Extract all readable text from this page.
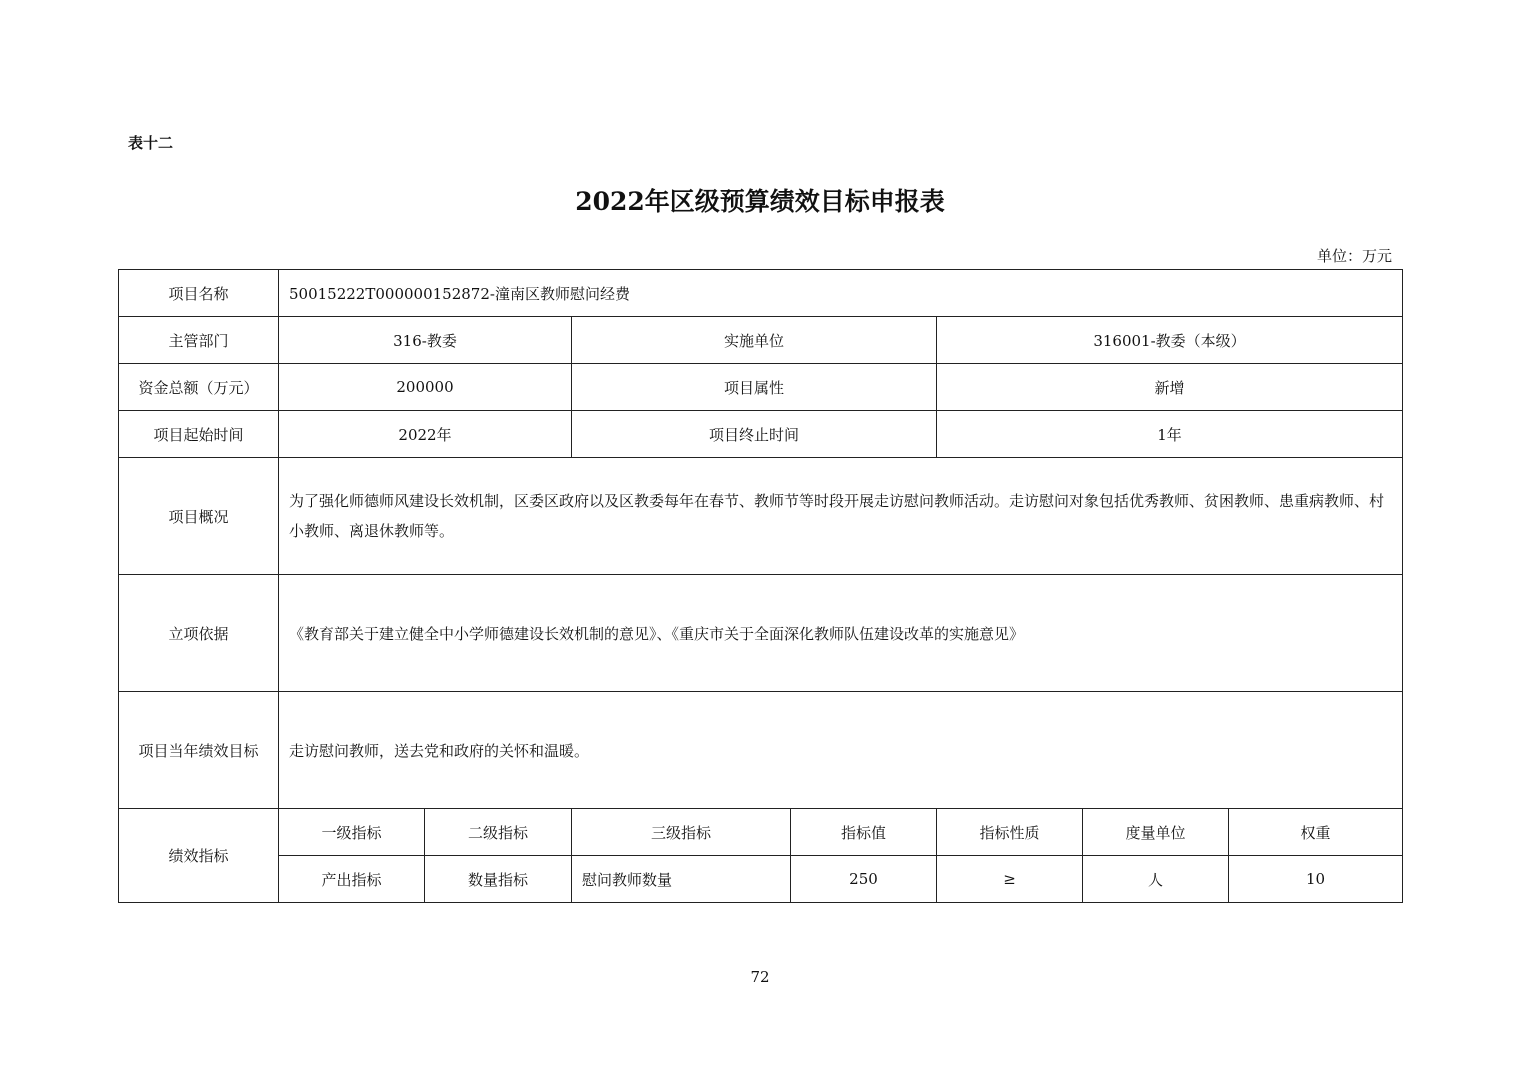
表十二
2022年区级预算绩效目标申报表
单位：万元
项目名称	50015222T000000152872-潼南区教师慰问经费						
主管部门	316-教委		实施单位		316001-教委（本级）		
资金总额（万元）	200000		项目属性		新增		
项目起始时间	2022年		项目终止时间		1年		
项目概况	为了强化师德师风建设长效机制，区委区政府以及区教委每年在春节、教师节等时段开展走访慰问教师活动。走访慰问对象包括优秀教师、贫困教师、患重病教师、村小教师、离退休教师等。						
立项依据	《教育部关于建立健全中小学师德建设长效机制的意见》、《重庆市关于全面深化教师队伍建设改革的实施意见》						
项目当年绩效目标	走访慰问教师，送去党和政府的关怀和温暖。						
绩效指标	一级指标	二级指标	三级指标	指标值	指标性质	度量单位	权重
	产出指标	数量指标	慰问教师数量	250	≥	人	10
72
